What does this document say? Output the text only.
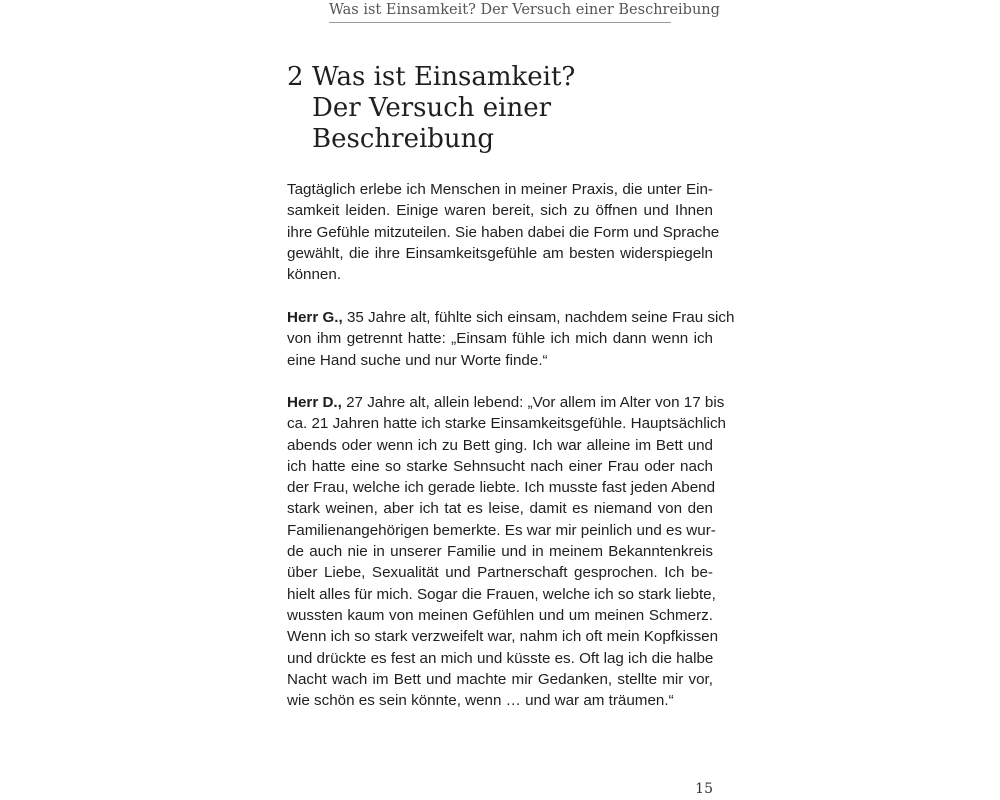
Was ist Einsamkeit? Der Versuch einer Beschreibung
2 Was ist Einsamkeit?
Der Versuch einer
Beschreibung
Tagtäglich erlebe ich Menschen in meiner Praxis, die unter Ein-
samkeit leiden. Einige waren bereit, sich zu öffnen und Ihnen
ihre Gefühle mitzuteilen. Sie haben dabei die Form und Sprache
gewählt, die ihre Einsamkeitsgefühle am besten widerspiegeln
können.
Herr G., 35 Jahre alt, fühlte sich einsam, nachdem seine Frau sich
von ihm getrennt hatte: „Einsam fühle ich mich dann wenn ich
eine Hand suche und nur Worte finde.“
Herr D., 27 Jahre alt, allein lebend: „Vor allem im Alter von 17 bis
ca. 21 Jahren hatte ich starke Einsamkeitsgefühle. Hauptsächlich
abends oder wenn ich zu Bett ging. Ich war alleine im Bett und
ich hatte eine so starke Sehnsucht nach einer Frau oder nach
der Frau, welche ich gerade liebte. Ich musste fast jeden Abend
stark weinen, aber ich tat es leise, damit es niemand von den
Familienangehörigen bemerkte. Es war mir peinlich und es wur-
de auch nie in unserer Familie und in meinem Bekanntenkreis
über Liebe, Sexualität und Partnerschaft gesprochen. Ich be-
hielt alles für mich. Sogar die Frauen, welche ich so stark liebte,
wussten kaum von meinen Gefühlen und um meinen Schmerz.
Wenn ich so stark verzweifelt war, nahm ich oft mein Kopfkissen
und drückte es fest an mich und küsste es. Oft lag ich die halbe
Nacht wach im Bett und machte mir Gedanken, stellte mir vor,
wie schön es sein könnte, wenn … und war am träumen.“
15
